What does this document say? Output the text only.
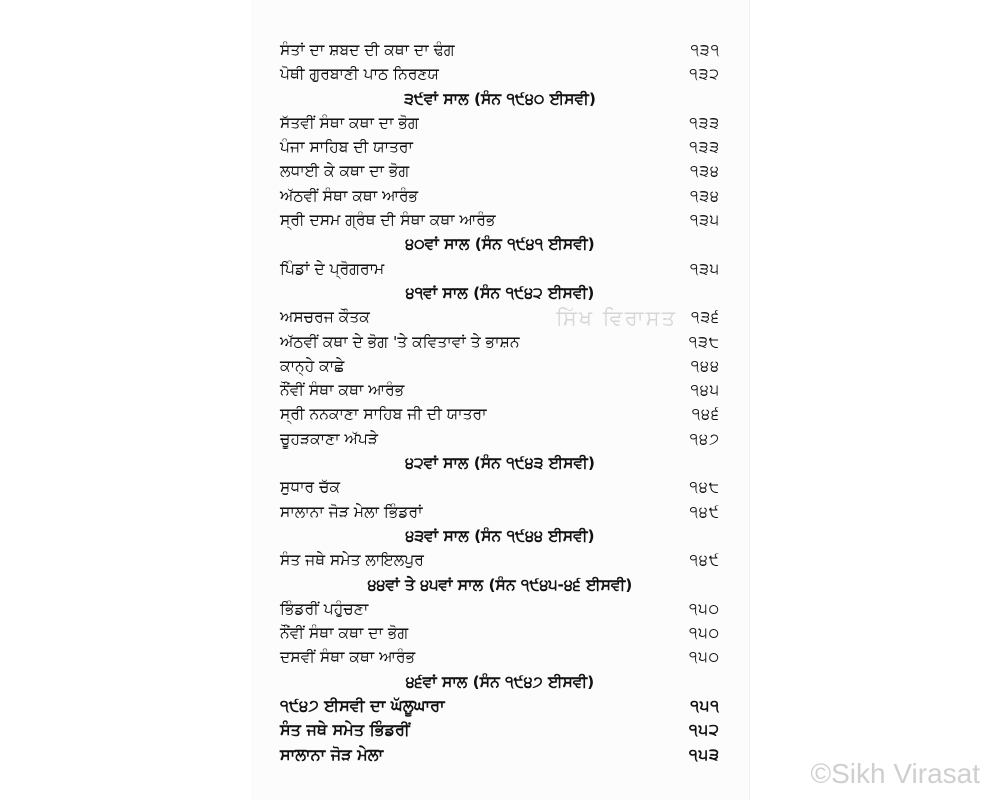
ਸੰਤਾਂ ਦਾ ਸ਼ਬਦ ਦੀ ਕਥਾ ਦਾ ਢੰਗ	੧੩੧
ਪੋਥੀ ਗੁਰਬਾਣੀ ਪਾਠ ਨਿਰਣਯ	੧੩੨
੩੯ਵਾਂ ਸਾਲ (ਸੰਨ ੧੯੪੦ ਈਸਵੀ)
ਸੱਤਵੀਂ ਸੰਥਾ ਕਥਾ ਦਾ ਭੋਗ	੧੩੩
ਪੰਜਾ ਸਾਹਿਬ ਦੀ ਯਾਤਰਾ	੧੩੩
ਲਧਾਈ ਕੇ ਕਥਾ ਦਾ ਭੋਗ	੧੩੪
ਅੱਠਵੀਂ ਸੰਥਾ ਕਥਾ ਆਰੰਭ	੧੩੪
ਸ੍ਰੀ ਦਸਮ ਗ੍ਰੰਥ ਦੀ ਸੰਥਾ ਕਥਾ ਆਰੰਭ	੧੩੫
੪੦ਵਾਂ ਸਾਲ (ਸੰਨ ੧੯੪੧ ਈਸਵੀ)
ਪਿੰਡਾਂ ਦੇ ਪ੍ਰੋਗਰਾਮ	੧੩੫
੪੧ਵਾਂ ਸਾਲ (ਸੰਨ ੧੯੪੨ ਈਸਵੀ)
ਅਸਚਰਜ ਕੌਤਕ	੧੩੬
ਅੱਠਵੀਂ ਕਥਾ ਦੇ ਭੋਗ 'ਤੇ ਕਵਿਤਾਵਾਂ ਤੇ ਭਾਸ਼ਨ	੧੩੮
ਕਾਨ੍ਹੇ ਕਾਛੇ	੧੪੪
ਨੌਂਵੀਂ ਸੰਥਾ ਕਥਾ ਆਰੰਭ	੧੪੫
ਸ੍ਰੀ ਨਨਕਾਣਾ ਸਾਹਿਬ ਜੀ ਦੀ ਯਾਤਰਾ	੧੪੬
ਚੂਹੜਕਾਣਾ ਅੱਪੜੇ	੧੪੭
੪੨ਵਾਂ ਸਾਲ (ਸੰਨ ੧੯੪੩ ਈਸਵੀ)
ਸੁਧਾਰ ਚੱਕ	੧੪੮
ਸਾਲਾਨਾ ਜੋੜ ਮੇਲਾ ਭਿੰਡਰਾਂ	੧੪੯
੪੩ਵਾਂ ਸਾਲ (ਸੰਨ ੧੯੪੪ ਈਸਵੀ)
ਸੰਤ ਜਥੇ ਸਮੇਤ ਲਾਇਲਪੁਰ	੧੪੯
੪੪ਵਾਂ ਤੇ ੪੫ਵਾਂ ਸਾਲ (ਸੰਨ ੧੯੪੫-੪੬ ਈਸਵੀ)
ਭਿੰਡਰੀਂ ਪਹੁੰਚਣਾ	੧੫੦
ਨੌਂਵੀਂ ਸੰਥਾ ਕਥਾ ਦਾ ਭੋਗ	੧੫੦
ਦਸਵੀਂ ਸੰਥਾ ਕਥਾ ਆਰੰਭ	੧੫੦
੪੬ਵਾਂ ਸਾਲ (ਸੰਨ ੧੯੪੭ ਈਸਵੀ)
੧੯੪੭ ਈਸਵੀ ਦਾ ਘੱਲੂਘਾਰਾ	੧੫੧
ਸੰਤ ਜਥੇ ਸਮੇਤ ਭਿੰਡਰੀਂ	੧੫੨
ਸਾਲਾਨਾ ਜੋੜ ਮੇਲਾ	੧੫੩
ਸਿੱਖ ਵਿਰਾਸਤ
©Sikh Virasat
